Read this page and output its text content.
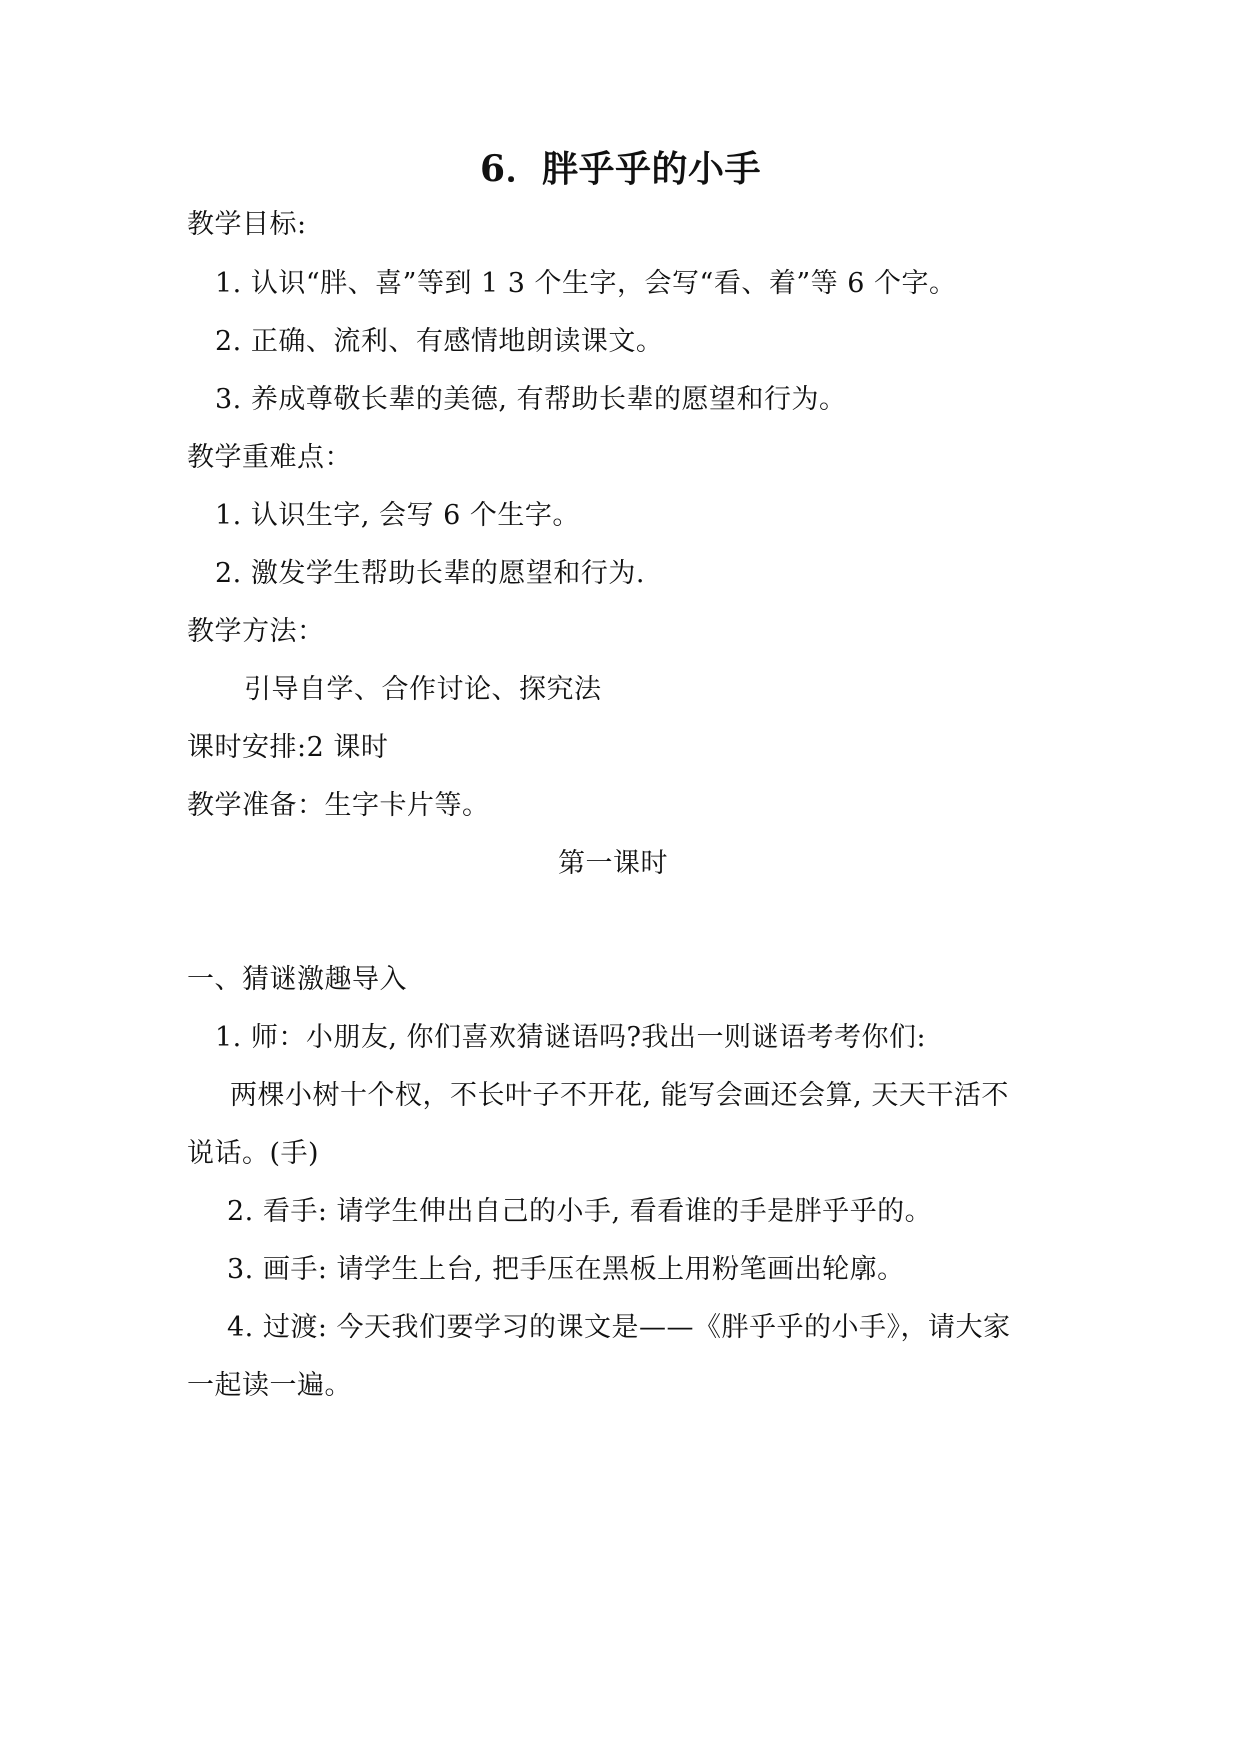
6．胖乎乎的小手
教学目标:
1. 认识“胖、喜”等到 1 3 个生字，会写“看、着”等 6 个字。
2. 正确、流利、有感情地朗读课文。
3. 养成尊敬长辈的美德, 有帮助长辈的愿望和行为。
教学重难点：
1. 认识生字, 会写 6 个生字。
2. 激发学生帮助长辈的愿望和行为.
教学方法：
引导自学、合作讨论、探究法
课时安排:2 课时
教学准备：生字卡片等。
第一课时
一、猜谜激趣导入
1. 师：小朋友, 你们喜欢猜谜语吗?我出一则谜语考考你们:
两棵小树十个杈，不长叶子不开花, 能写会画还会算, 天天干活不
说话。(手)
2. 看手: 请学生伸出自己的小手, 看看谁的手是胖乎乎的。
3. 画手: 请学生上台, 把手压在黑板上用粉笔画出轮廓。
4. 过渡: 今天我们要学习的课文是——《胖乎乎的小手》，请大家
一起读一遍。
